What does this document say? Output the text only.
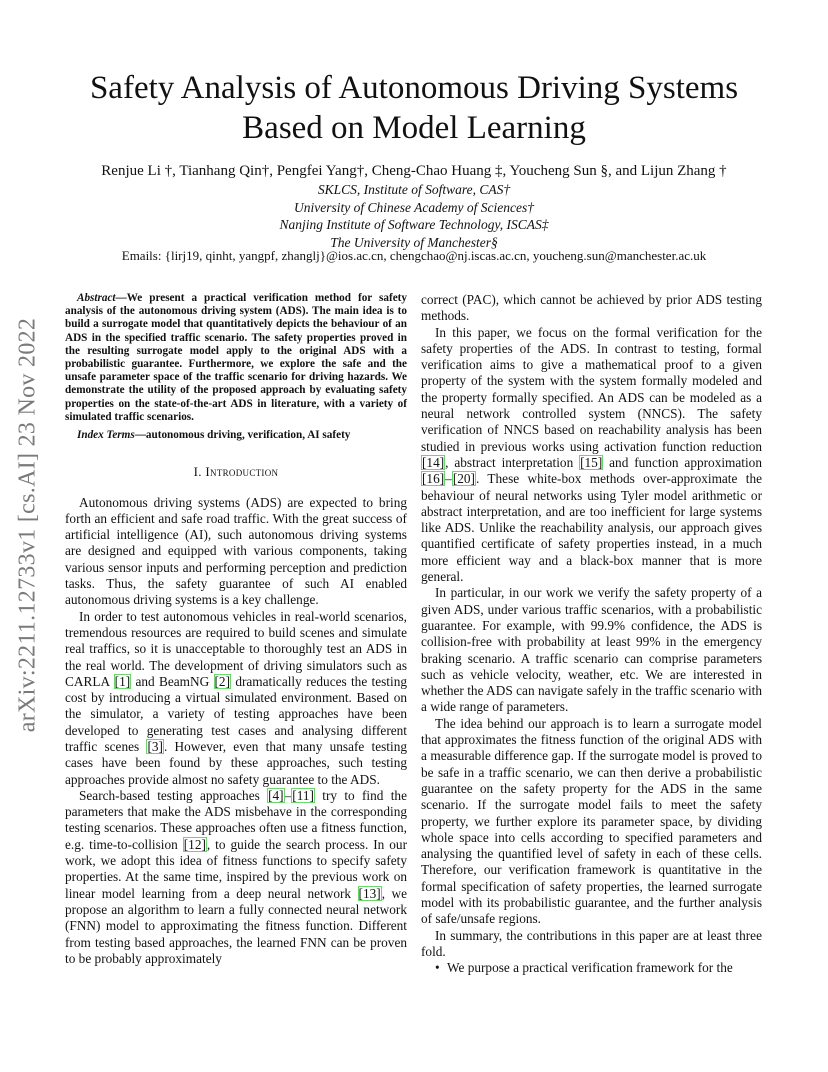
arXiv:2211.12733v1 [cs.AI] 23 Nov 2022
Safety Analysis of Autonomous Driving Systems
Based on Model Learning
Renjue Li †, Tianhang Qin†, Pengfei Yang†, Cheng-Chao Huang ‡, Youcheng Sun §, and Lijun Zhang †
SKLCS, Institute of Software, CAS†
University of Chinese Academy of Sciences†
Nanjing Institute of Software Technology, ISCAS‡
The University of Manchester§
Emails: {lirj19, qinht, yangpf, zhanglj}@ios.ac.cn, chengchao@nj.iscas.ac.cn, youcheng.sun@manchester.ac.uk

Abstract—We present a practical verification method for safety analysis of the autonomous driving system (ADS). The main idea is to build a surrogate model that quantitatively depicts the behaviour of an ADS in the specified traffic scenario. The safety properties proved in the resulting surrogate model apply to the original ADS with a probabilistic guarantee. Furthermore, we explore the safe and the unsafe parameter space of the traffic scenario for driving hazards. We demonstrate the utility of the proposed approach by evaluating safety properties on the state-of-the-art ADS in literature, with a variety of simulated traffic scenarios.

Index Terms—autonomous driving, verification, AI safety

I. Introduction

Autonomous driving systems (ADS) are expected to bring forth an efficient and safe road traffic. With the great success of artificial intelligence (AI), such autonomous driving systems are designed and equipped with various components, taking various sensor inputs and performing perception and prediction tasks. Thus, the safety guarantee of such AI enabled autonomous driving systems is a key challenge.

In order to test autonomous vehicles in real-world scenarios, tremendous resources are required to build scenes and simulate real traffics, so it is unacceptable to thoroughly test an ADS in the real world. The development of driving simulators such as CARLA [1] and BeamNG [2] dramatically reduces the testing cost by introducing a virtual simulated environment. Based on the simulator, a variety of testing approaches have been developed to generating test cases and analysing different traffic scenes [3]. However, even that many unsafe testing cases have been found by these approaches, such testing approaches provide almost no safety guarantee to the ADS.

Search-based testing approaches [4]–[11] try to find the parameters that make the ADS misbehave in the corresponding testing scenarios. These approaches often use a fitness function, e.g. time-to-collision [12], to guide the search process. In our work, we adopt this idea of fitness functions to specify safety properties. At the same time, inspired by the previous work on linear model learning from a deep neural network [13], we propose an algorithm to learn a fully connected neural network (FNN) model to approximating the fitness function. Different from testing based approaches, the learned FNN can be proven to be probably approximately

correct (PAC), which cannot be achieved by prior ADS testing methods.

In this paper, we focus on the formal verification for the safety properties of the ADS. In contrast to testing, formal verification aims to give a mathematical proof to a given property of the system with the system formally modeled and the property formally specified. An ADS can be modeled as a neural network controlled system (NNCS). The safety verification of NNCS based on reachability analysis has been studied in previous works using activation function reduction [14], abstract interpretation [15] and function approximation [16]–[20]. These white-box methods over-approximate the behaviour of neural networks using Tyler model arithmetic or abstract interpretation, and are too inefficient for large systems like ADS. Unlike the reachability analysis, our approach gives quantified certificate of safety properties instead, in a much more efficient way and a black-box manner that is more general.

In particular, in our work we verify the safety property of a given ADS, under various traffic scenarios, with a probabilistic guarantee. For example, with 99.9% confidence, the ADS is collision-free with probability at least 99% in the emergency braking scenario. A traffic scenario can comprise parameters such as vehicle velocity, weather, etc. We are interested in whether the ADS can navigate safely in the traffic scenario with a wide range of parameters.

The idea behind our approach is to learn a surrogate model that approximates the fitness function of the original ADS with a measurable difference gap. If the surrogate model is proved to be safe in a traffic scenario, we can then derive a probabilistic guarantee on the safety property for the ADS in the same scenario. If the surrogate model fails to meet the safety property, we further explore its parameter space, by dividing whole space into cells according to specified parameters and analysing the quantified level of safety in each of these cells. Therefore, our verification framework is quantitative in the formal specification of safety properties, the learned surrogate model with its probabilistic guarantee, and the further analysis of safe/unsafe regions.

In summary, the contributions in this paper are at least three fold.

• We purpose a practical verification framework for the
